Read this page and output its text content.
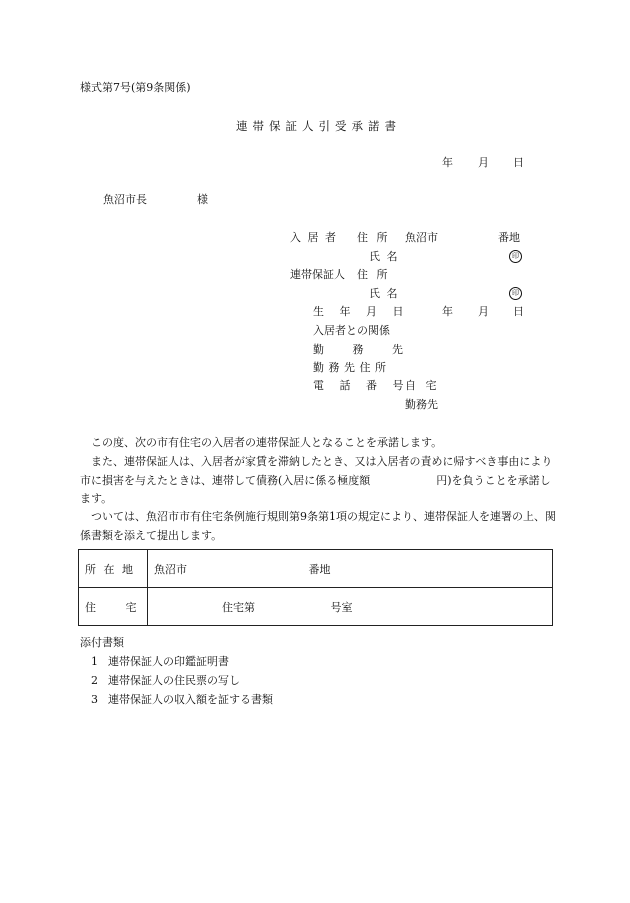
様式第7号(第9条関係)
連帯保証人引受承諾書
年 月 日
魚沼市長	様
入 居 者 住 所 魚沼市	番地
氏 名	印
連帯保証人 住 所
氏 名	印
生 年 月 日	年 月 日
入居者との関係
勤 務 先
勤 務 先 住 所
電 話 番 号 自 宅
勤務先
この度、次の市有住宅の入居者の連帯保証人となることを承諾します。
また、連帯保証人は、入居者が家賃を滞納したとき、又は入居者の責めに帰すべき事由により市に損害を与えたときは、連帯して債務(入居に係る極度額　　　　　　円)を負うことを承諾します。
ついては、魚沼市市有住宅条例施行規則第9条第1項の規定により、連帯保証人を連署の上、関係書類を添えて提出します。
所 在 地	魚沼市 番地
住 宅	住宅第 号室
添付書類
1 連帯保証人の印鑑証明書
2 連帯保証人の住民票の写し
3 連帯保証人の収入額を証する書類
